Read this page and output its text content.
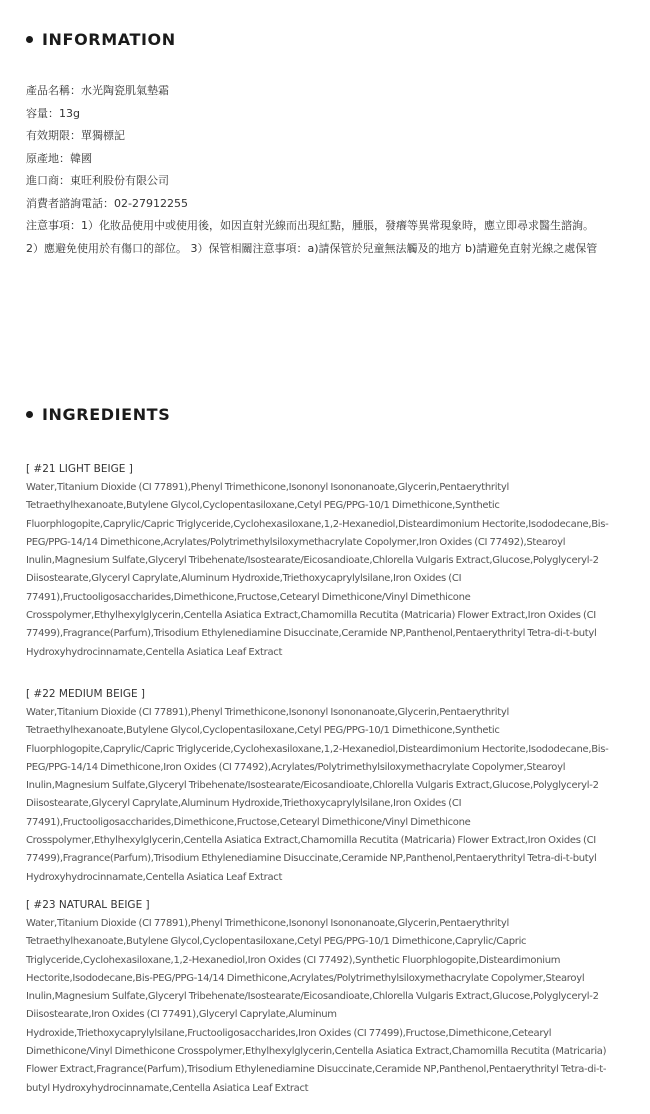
INFORMATION
產品名稱：水光陶瓷肌氣墊霜
容量：13g
有效期限：單獨標記
原產地：韓國
進口商：東旺利股份有限公司
消費者諮詢電話：02-27912255
注意事項：1）化妝品使用中或使用後，如因直射光線而出現紅點，腫脹，發癢等異常現象時，應立即尋求醫生諮詢。
2）應避免使用於有傷口的部位。 3）保管相關注意事項：a)請保管於兒童無法觸及的地方 b)請避免直射光線之處保管
INGREDIENTS
[ #21 LIGHT BEIGE ]

Water,Titanium Dioxide (CI 77891),Phenyl Trimethicone,Isononyl Isononanoate,Glycerin,Pentaerythrityl Tetraethylhexanoate,Butylene Glycol,Cyclopentasiloxane,Cetyl PEG/PPG-10/1 Dimethicone,Synthetic Fluorphlogopite,Caprylic/Capric Triglyceride,Cyclohexasiloxane,1,2-Hexanediol,Disteardimonium Hectorite,Isododecane,Bis-PEG/PPG-14/14 Dimethicone,Acrylates/Polytrimethylsiloxymethacrylate Copolymer,Iron Oxides (CI 77492),Stearoyl Inulin,Magnesium Sulfate,Glyceryl Tribehenate/Isostearate/Eicosandioate,Chlorella Vulgaris Extract,Glucose,Polyglyceryl-2 Diisostearate,Glyceryl Caprylate,Aluminum Hydroxide,Triethoxycaprylylsilane,Iron Oxides (CI 77491),Fructooligosaccharides,Dimethicone,Fructose,Cetearyl Dimethicone/Vinyl Dimethicone Crosspolymer,Ethylhexylglycerin,Centella Asiatica Extract,Chamomilla Recutita (Matricaria) Flower Extract,Iron Oxides (CI 77499),Fragrance(Parfum),Trisodium Ethylenediamine Disuccinate,Ceramide NP,Panthenol,Pentaerythrityl Tetra-di-t-butyl Hydroxyhydrocinnamate,Centella Asiatica Leaf Extract

[ #22 MEDIUM BEIGE ]

Water,Titanium Dioxide (CI 77891),Phenyl Trimethicone,Isononyl Isononanoate,Glycerin,Pentaerythrityl Tetraethylhexanoate,Butylene Glycol,Cyclopentasiloxane,Cetyl PEG/PPG-10/1 Dimethicone,Synthetic Fluorphlogopite,Caprylic/Capric Triglyceride,Cyclohexasiloxane,1,2-Hexanediol,Disteardimonium Hectorite,Isododecane,Bis-PEG/PPG-14/14 Dimethicone,Iron Oxides (CI 77492),Acrylates/Polytrimethylsiloxymethacrylate Copolymer,Stearoyl Inulin,Magnesium Sulfate,Glyceryl Tribehenate/Isostearate/Eicosandioate,Chlorella Vulgaris Extract,Glucose,Polyglyceryl-2 Diisostearate,Glyceryl Caprylate,Aluminum Hydroxide,Triethoxycaprylylsilane,Iron Oxides (CI 77491),Fructooligosaccharides,Dimethicone,Fructose,Cetearyl Dimethicone/Vinyl Dimethicone Crosspolymer,Ethylhexylglycerin,Centella Asiatica Extract,Chamomilla Recutita (Matricaria) Flower Extract,Iron Oxides (CI 77499),Fragrance(Parfum),Trisodium Ethylenediamine Disuccinate,Ceramide NP,Panthenol,Pentaerythrityl Tetra-di-t-butyl Hydroxyhydrocinnamate,Centella Asiatica Leaf Extract

[ #23 NATURAL BEIGE ]

Water,Titanium Dioxide (CI 77891),Phenyl Trimethicone,Isononyl Isononanoate,Glycerin,Pentaerythrityl Tetraethylhexanoate,Butylene Glycol,Cyclopentasiloxane,Cetyl PEG/PPG-10/1 Dimethicone,Caprylic/Capric Triglyceride,Cyclohexasiloxane,1,2-Hexanediol,Iron Oxides (CI 77492),Synthetic Fluorphlogopite,Disteardimonium Hectorite,Isododecane,Bis-PEG/PPG-14/14 Dimethicone,Acrylates/Polytrimethylsiloxymethacrylate Copolymer,Stearoyl Inulin,Magnesium Sulfate,Glyceryl Tribehenate/Isostearate/Eicosandioate,Chlorella Vulgaris Extract,Glucose,Polyglyceryl-2 Diisostearate,Iron Oxides (CI 77491),Glyceryl Caprylate,Aluminum Hydroxide,Triethoxycaprylylsilane,Fructooligosaccharides,Iron Oxides (CI 77499),Fructose,Dimethicone,Cetearyl Dimethicone/Vinyl Dimethicone Crosspolymer,Ethylhexylglycerin,Centella Asiatica Extract,Chamomilla Recutita (Matricaria) Flower Extract,Fragrance(Parfum),Trisodium Ethylenediamine Disuccinate,Ceramide NP,Panthenol,Pentaerythrityl Tetra-di-t-butyl Hydroxyhydrocinnamate,Centella Asiatica Leaf Extract
